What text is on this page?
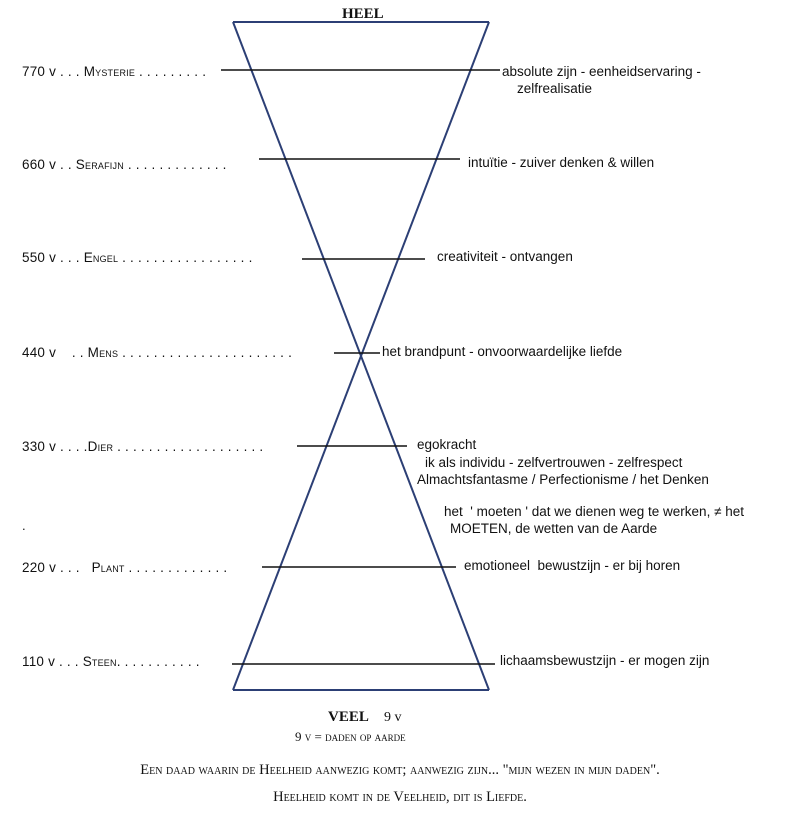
HEEL
VEEL 9 v
9 v = daden op aarde
770 v . . . Mysterie . . . . . . . . .
660 v . . Serafijn . . . . . . . . . . . . .
550 v . . . Engel . . . . . . . . . . . . . . . . .
440 v    . . Mens . . . . . . . . . . . . . . . . . . . . . .
330 v . . . .Dier . . . . . . . . . . . . . . . . . . .
220 v . . .   Plant . . . . . . . . . . . . .
110 v . . . Steen. . . . . . . . . . .
.
absolute zijn - eenheidservaring -
zelfrealisatie
intuïtie - zuiver denken & willen
creativiteit - ontvangen
het brandpunt - onvoorwaardelijke liefde
egokracht
ik als individu - zelfvertrouwen - zelfrespect
Almachtsfantasme / Perfectionisme / het Denken
het  ' moeten ' dat we dienen weg te werken, ≠ het
MOETEN, de wetten van de Aarde
emotioneel  bewustzijn - er bij horen
lichaamsbewustzijn - er mogen zijn
Een daad waarin de Heelheid aanwezig komt; aanwezig zijn... "mijn wezen in mijn daden".
Heelheid komt in de Veelheid, dit is Liefde.
